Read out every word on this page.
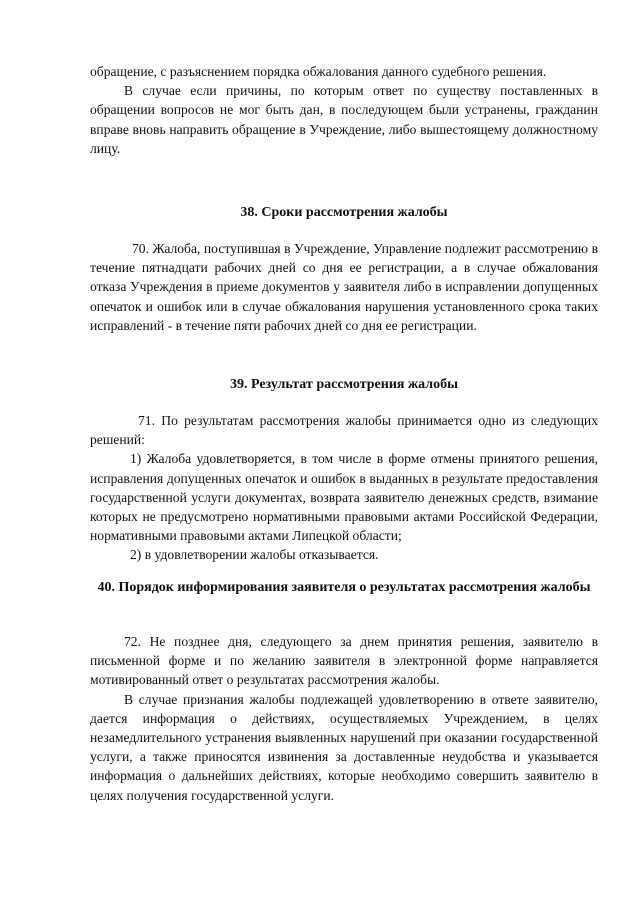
обращение, с разъяснением порядка обжалования данного судебного решения.

В случае если причины, по которым ответ по существу поставленных в обращении вопросов не мог быть дан, в последующем были устранены, гражданин вправе вновь направить обращение в Учреждение, либо вышестоящему должностному лицу.

38. Сроки рассмотрения жалобы

70. Жалоба, поступившая в Учреждение, Управление подлежит рассмотрению в течение пятнадцати рабочих дней со дня ее регистрации, а в случае обжалования отказа Учреждения в приеме документов у заявителя либо в исправлении допущенных опечаток и ошибок или в случае обжалования нарушения установленного срока таких исправлений - в течение пяти рабочих дней со дня ее регистрации.

39. Результат рассмотрения жалобы

71. По результатам рассмотрения жалобы принимается одно из следующих решений:

1) Жалоба удовлетворяется, в том числе в форме отмены принятого решения, исправления допущенных опечаток и ошибок в выданных в результате предоставления государственной услуги документах, возврата заявителю денежных средств, взимание которых не предусмотрено нормативными правовыми актами Российской Федерации, нормативными правовыми актами Липецкой области;

2) в удовлетворении жалобы отказывается.

40. Порядок информирования заявителя о результатах рассмотрения жалобы

72. Не позднее дня, следующего за днем принятия решения, заявителю в письменной форме и по желанию заявителя в электронной форме направляется мотивированный ответ о результатах рассмотрения жалобы.

В случае признания жалобы подлежащей удовлетворению в ответе заявителю, дается информация о действиях, осуществляемых Учреждением, в целях незамедлительного устранения выявленных нарушений при оказании государственной услуги, а также приносятся извинения за доставленные неудобства и указывается информация о дальнейших действиях, которые необходимо совершить заявителю в целях получения государственной услуги.
